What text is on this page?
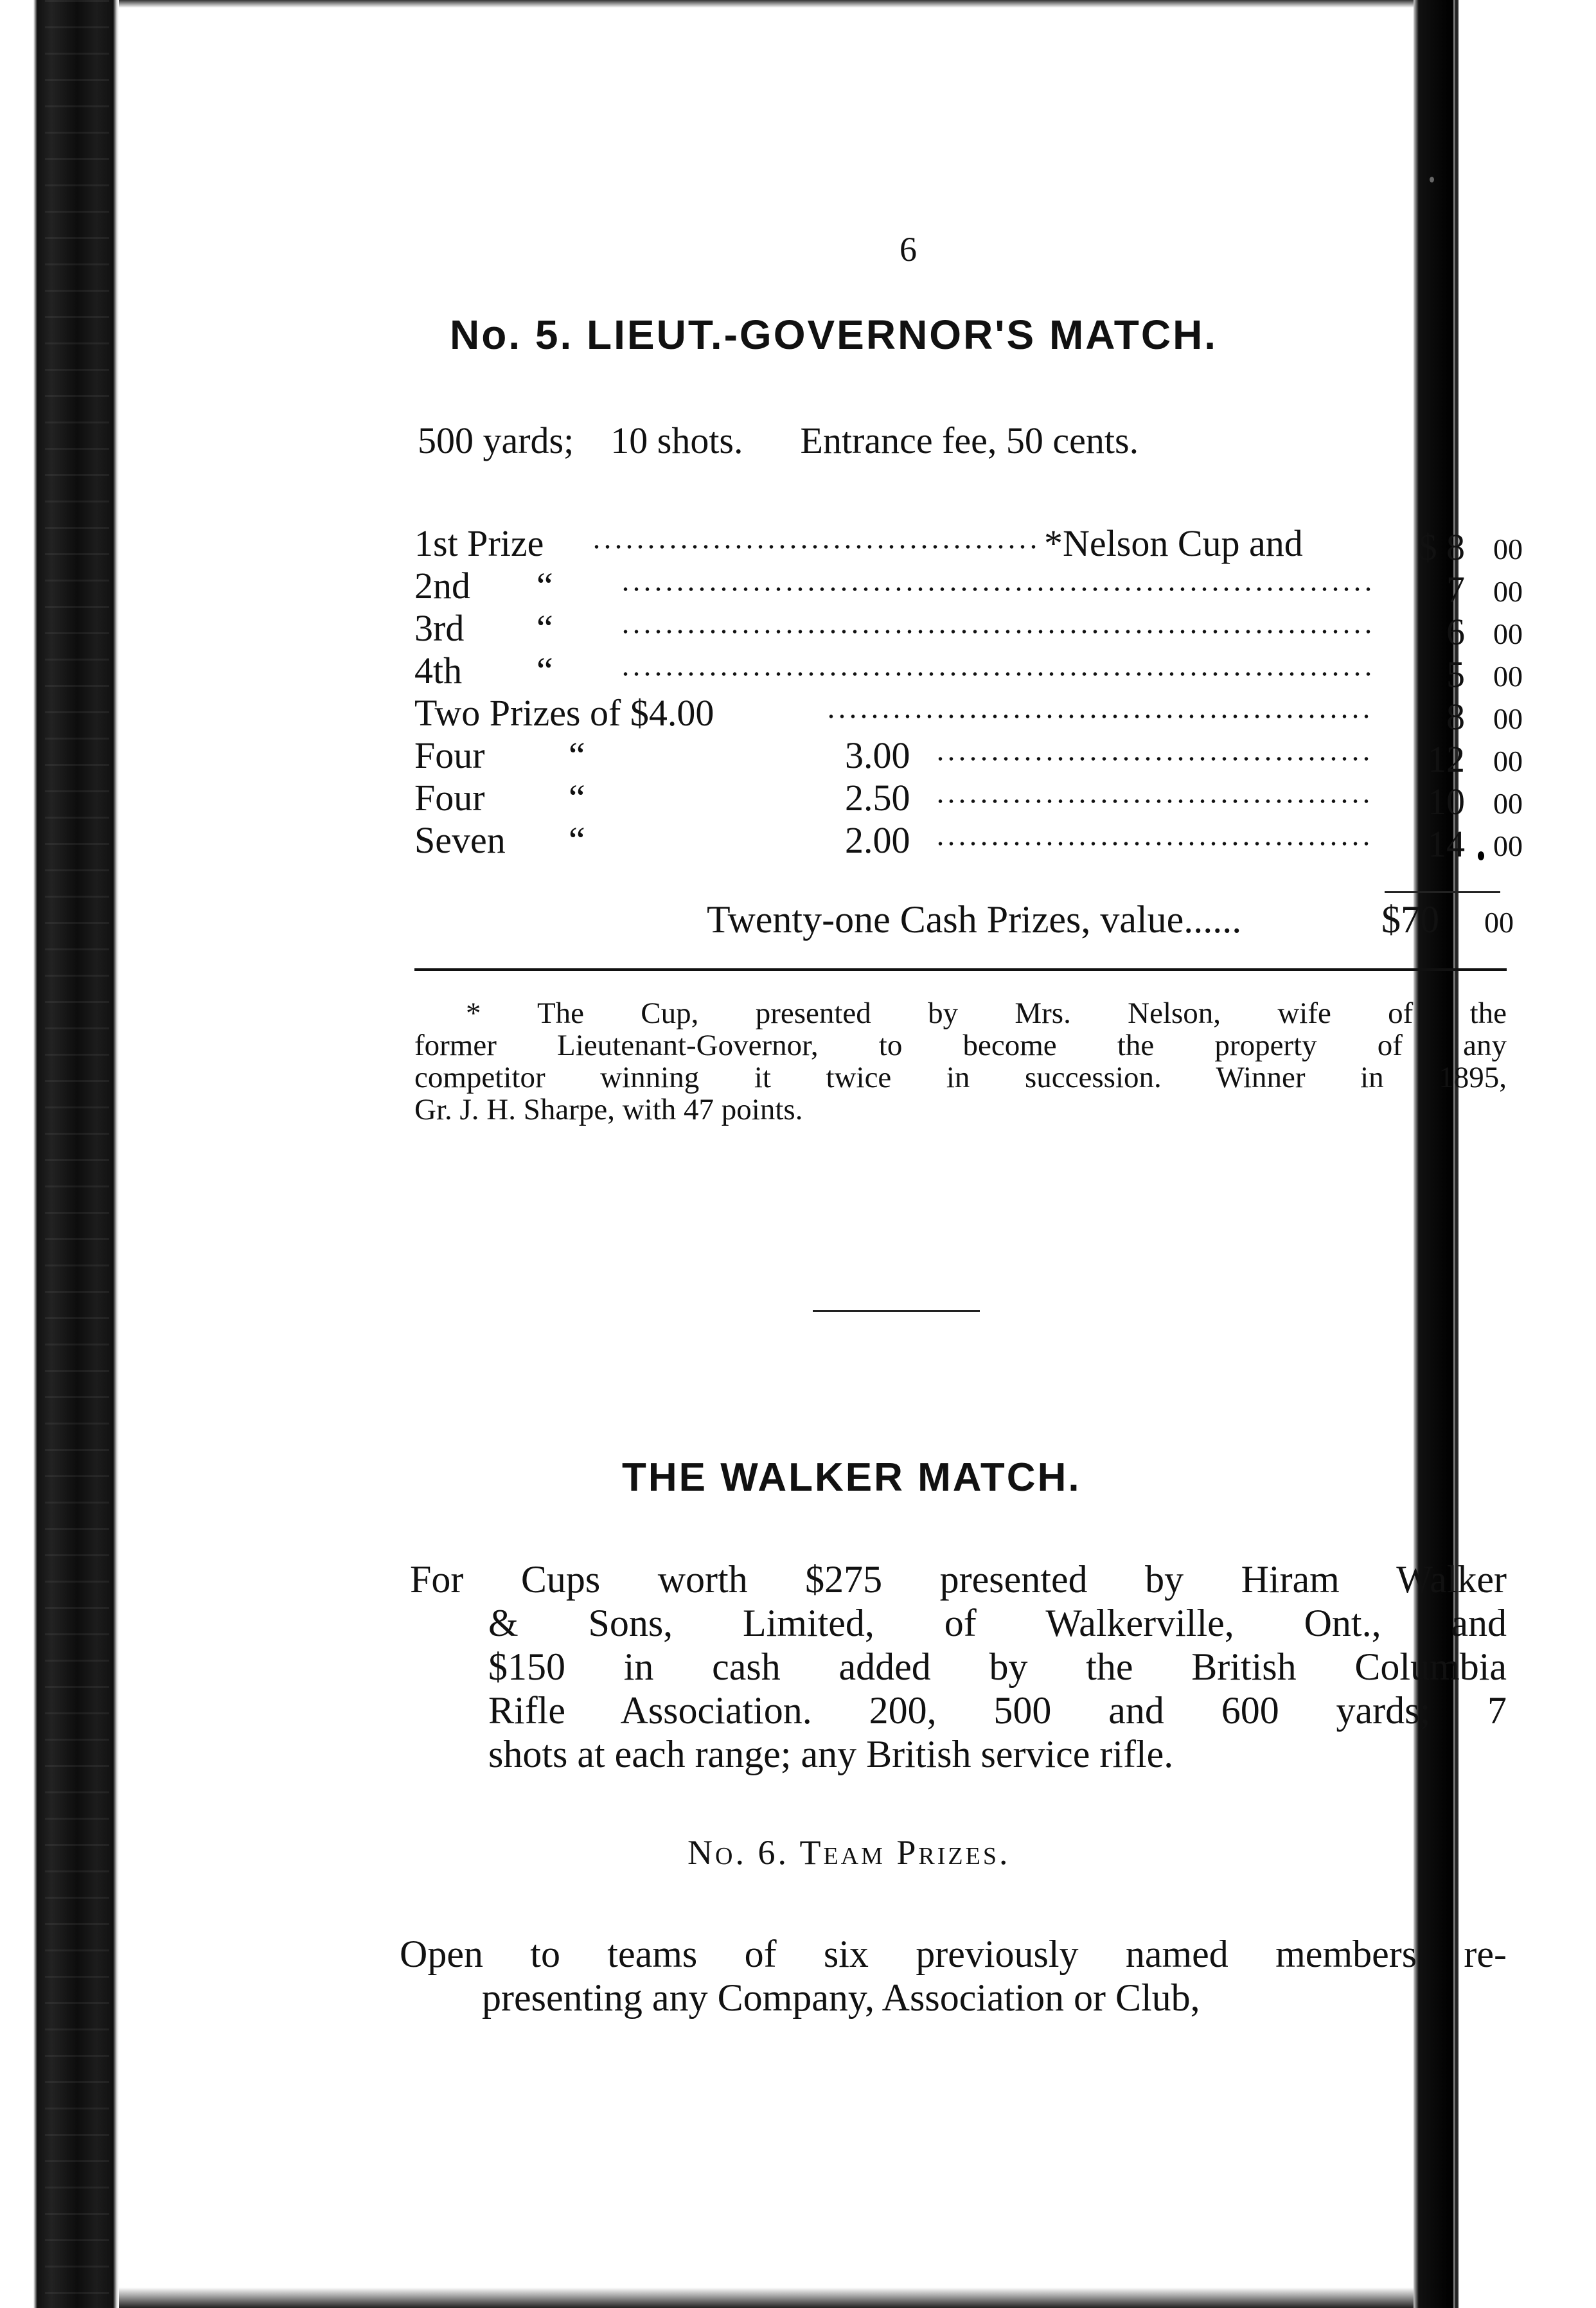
6
No. 5. LIEUT.-GOVERNOR'S MATCH.
500 yards; 10 shots. Entrance fee, 50 cents.
1st Prize	*Nelson Cup and	$ 8 00
2nd “	7 00
3rd “	6 00
4th “	5 00
Two Prizes of $4.00	8 00
Four “	3.00	12 00
Four “	2.50	10 00
Seven “	2.00	14 00
Twenty-one Cash Prizes, value......	$70 00
* The Cup, presented by Mrs. Nelson, wife of the
former Lieutenant-Governor, to become the property of any
competitor winning it twice in succession. Winner in 1895,
Gr. J. H. Sharpe, with 47 points.
THE WALKER MATCH.
For Cups worth $275 presented by Hiram Walker
& Sons, Limited, of Walkerville, Ont., and
$150 in cash added by the British Columbia
Rifle Association. 200, 500 and 600 yards; 7
shots at each range; any British service rifle.
No. 6. Team Prizes.
Open to teams of six previously named members re-
presenting any Company, Association or Club,
